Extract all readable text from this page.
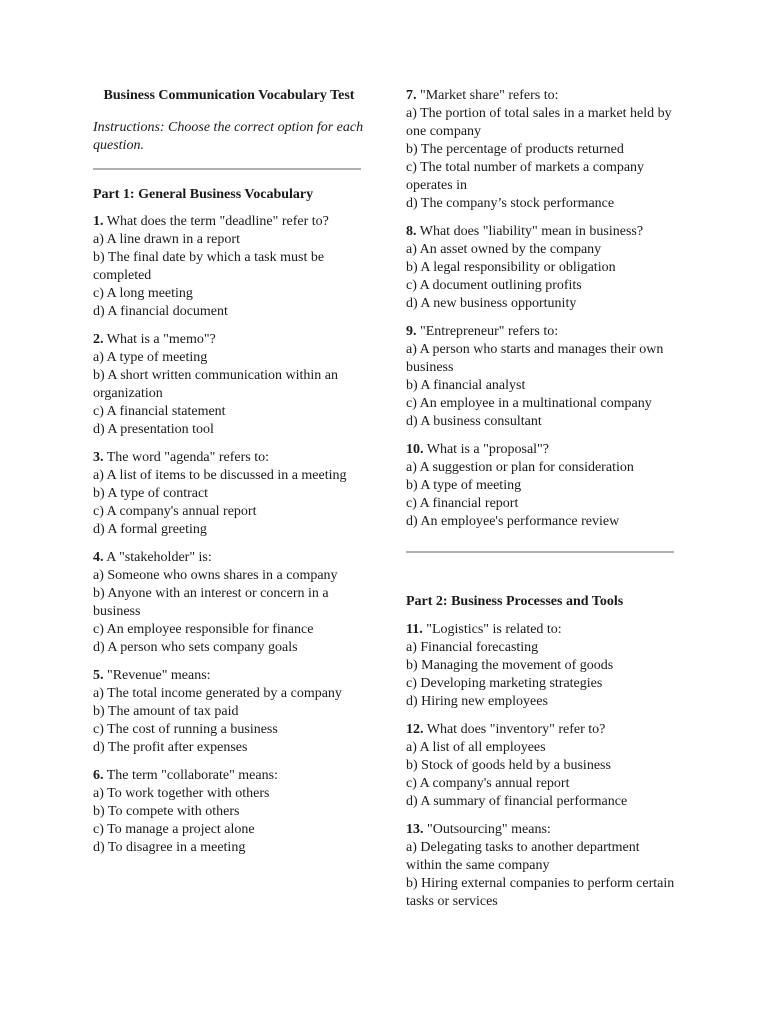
Business Communication Vocabulary Test
Instructions: Choose the correct option for each question.
Part 1: General Business Vocabulary
1. What does the term "deadline" refer to?
a) A line drawn in a report
b) The final date by which a task must be completed
c) A long meeting
d) A financial document
2. What is a "memo"?
a) A type of meeting
b) A short written communication within an organization
c) A financial statement
d) A presentation tool
3. The word "agenda" refers to:
a) A list of items to be discussed in a meeting
b) A type of contract
c) A company's annual report
d) A formal greeting
4. A "stakeholder" is:
a) Someone who owns shares in a company
b) Anyone with an interest or concern in a business
c) An employee responsible for finance
d) A person who sets company goals
5. "Revenue" means:
a) The total income generated by a company
b) The amount of tax paid
c) The cost of running a business
d) The profit after expenses
6. The term "collaborate" means:
a) To work together with others
b) To compete with others
c) To manage a project alone
d) To disagree in a meeting
7. "Market share" refers to:
a) The portion of total sales in a market held by one company
b) The percentage of products returned
c) The total number of markets a company operates in
d) The company’s stock performance
8. What does "liability" mean in business?
a) An asset owned by the company
b) A legal responsibility or obligation
c) A document outlining profits
d) A new business opportunity
9. "Entrepreneur" refers to:
a) A person who starts and manages their own business
b) A financial analyst
c) An employee in a multinational company
d) A business consultant
10. What is a "proposal"?
a) A suggestion or plan for consideration
b) A type of meeting
c) A financial report
d) An employee's performance review
Part 2: Business Processes and Tools
11. "Logistics" is related to:
a) Financial forecasting
b) Managing the movement of goods
c) Developing marketing strategies
d) Hiring new employees
12. What does "inventory" refer to?
a) A list of all employees
b) Stock of goods held by a business
c) A company's annual report
d) A summary of financial performance
13. "Outsourcing" means:
a) Delegating tasks to another department within the same company
b) Hiring external companies to perform certain tasks or services
